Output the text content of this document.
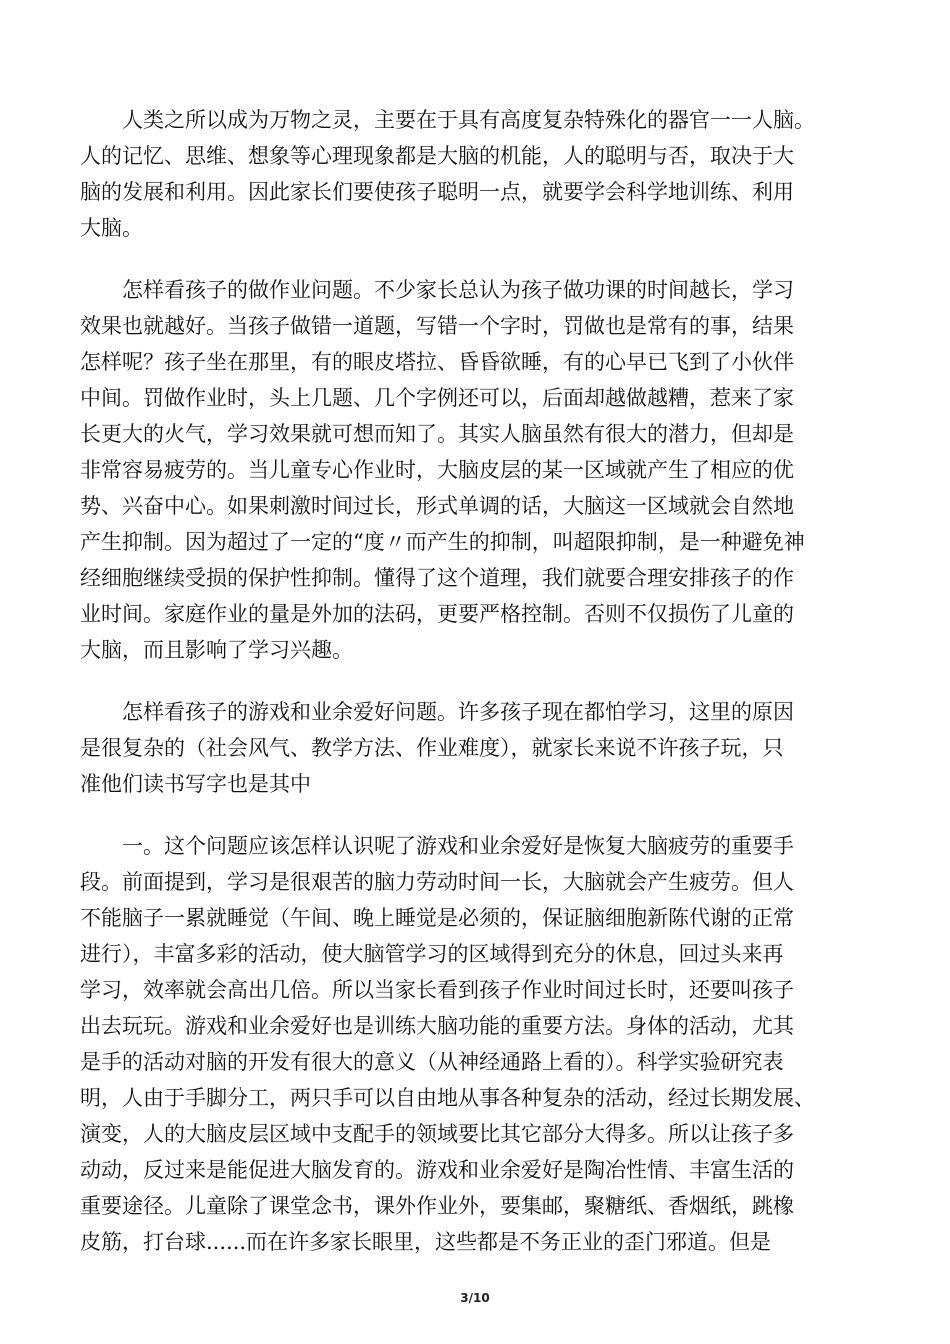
人类之所以成为万物之灵，主要在于具有高度复杂特殊化的器官一一人脑。
人的记忆、思维、想象等心理现象都是大脑的机能，人的聪明与否，取决于大
脑的发展和利用。因此家长们要使孩子聪明一点，就要学会科学地训练、利用
大脑。
怎样看孩子的做作业问题。不少家长总认为孩子做功课的时间越长，学习
效果也就越好。当孩子做错一道题，写错一个字时，罚做也是常有的事，结果
怎样呢？孩子坐在那里，有的眼皮塔拉、昏昏欲睡，有的心早已飞到了小伙伴
中间。罚做作业时，头上几题、几个字例还可以，后面却越做越糟，惹来了家
长更大的火气，学习效果就可想而知了。其实人脑虽然有很大的潜力，但却是
非常容易疲劳的。当儿童专心作业时，大脑皮层的某一区域就产生了相应的优
势、兴奋中心。如果刺激时间过长，形式单调的话，大脑这一区域就会自然地
产生抑制。因为超过了一定的“度〃而产生的抑制，叫超限抑制，是一种避免神
经细胞继续受损的保护性抑制。懂得了这个道理，我们就要合理安排孩子的作
业时间。家庭作业的量是外加的法码，更要严格控制。否则不仅损伤了儿童的
大脑，而且影响了学习兴趣。
怎样看孩子的游戏和业余爱好问题。许多孩子现在都怕学习，这里的原因
是很复杂的（社会风气、教学方法、作业难度），就家长来说不许孩子玩，只
准他们读书写字也是其中
一。这个问题应该怎样认识呢了游戏和业余爱好是恢复大脑疲劳的重要手
段。前面提到，学习是很艰苦的脑力劳动时间一长，大脑就会产生疲劳。但人
不能脑子一累就睡觉（午间、晚上睡觉是必须的，保证脑细胞新陈代谢的正常
进行），丰富多彩的活动，使大脑管学习的区域得到充分的休息，回过头来再
学习，效率就会高出几倍。所以当家长看到孩子作业时间过长时，还要叫孩子
出去玩玩。游戏和业余爱好也是训练大脑功能的重要方法。身体的活动，尤其
是手的活动对脑的开发有很大的意义（从神经通路上看的）。科学实验研究表
明，人由于手脚分工，两只手可以自由地从事各种复杂的活动，经过长期发展、
演变，人的大脑皮层区域中支配手的领域要比其它部分大得多。所以让孩子多
动动，反过来是能促进大脑发育的。游戏和业余爱好是陶冶性情、丰富生活的
重要途径。儿童除了课堂念书，课外作业外，要集邮，聚糖纸、香烟纸，跳橡
皮筋，打台球......而在许多家长眼里，这些都是不务正业的歪门邪道。但是
3/10
